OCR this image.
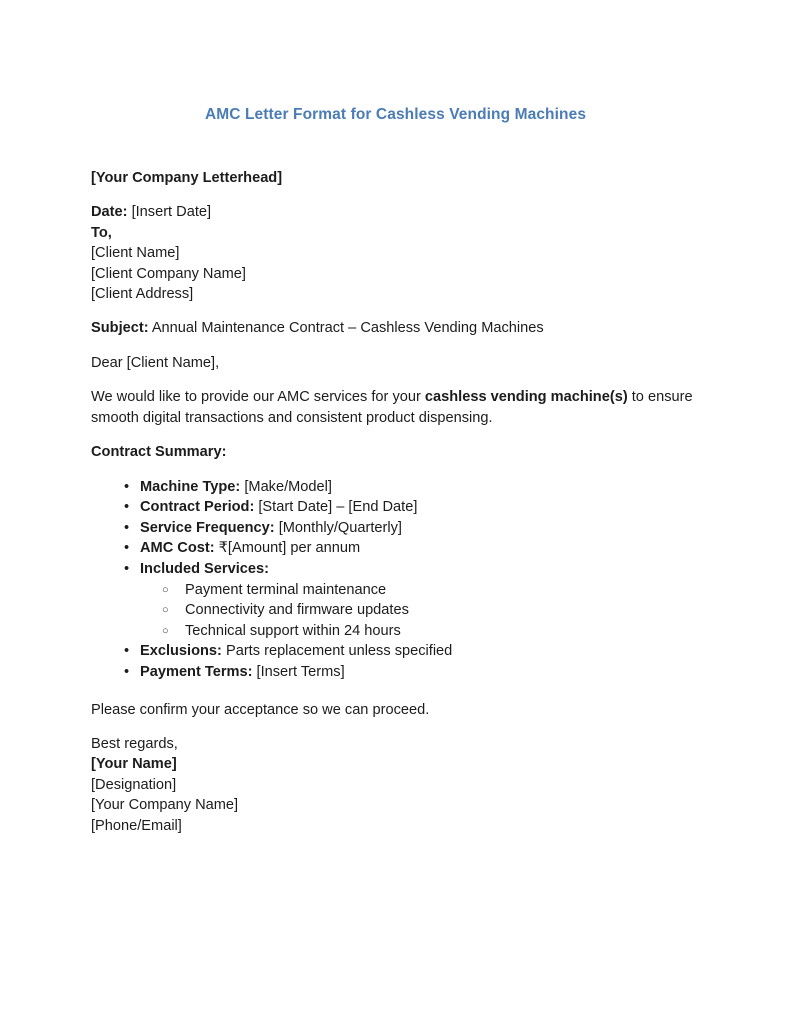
AMC Letter Format for Cashless Vending Machines
[Your Company Letterhead]
Date: [Insert Date]
To,
[Client Name]
[Client Company Name]
[Client Address]
Subject: Annual Maintenance Contract – Cashless Vending Machines
Dear [Client Name],
We would like to provide our AMC services for your cashless vending machine(s) to ensure smooth digital transactions and consistent product dispensing.
Contract Summary:
• Machine Type: [Make/Model]
• Contract Period: [Start Date] – [End Date]
• Service Frequency: [Monthly/Quarterly]
• AMC Cost: ₹[Amount] per annum
• Included Services:
○ Payment terminal maintenance
○ Connectivity and firmware updates
○ Technical support within 24 hours
• Exclusions: Parts replacement unless specified
• Payment Terms: [Insert Terms]
Please confirm your acceptance so we can proceed.
Best regards,
[Your Name]
[Designation]
[Your Company Name]
[Phone/Email]
